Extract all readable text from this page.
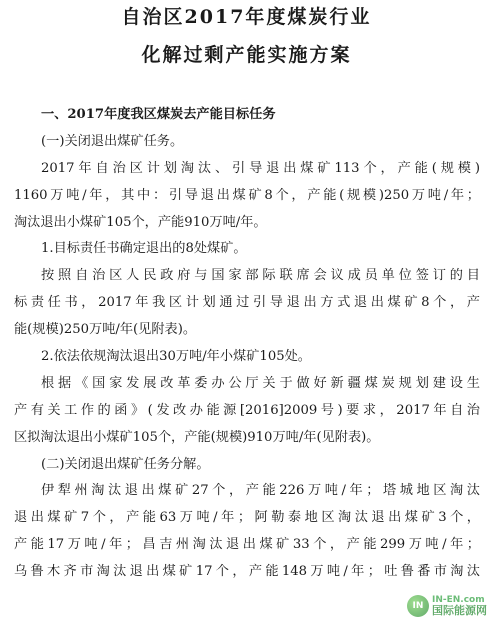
自治区2017年度煤炭行业
化解过剩产能实施方案
一、2017年度我区煤炭去产能目标任务
(一)关闭退出煤矿任务。
2017年自治区计划淘汰、引导退出煤矿113个，产能(规模)
1160万吨/年，其中：引导退出煤矿8个，产能(规模)250万吨/年；
淘汰退出小煤矿105个，产能910万吨/年。
1.目标责任书确定退出的8处煤矿。
按照自治区人民政府与国家部际联席会议成员单位签订的目
标责任书，2017年我区计划通过引导退出方式退出煤矿8个，产
能(规模)250万吨/年(见附表)。
2.依法依规淘汰退出30万吨/年小煤矿105处。
根据《国家发展改革委办公厅关于做好新疆煤炭规划建设生
产有关工作的函》(发改办能源[2016]2009号)要求，2017年自治
区拟淘汰退出小煤矿105个，产能(规模)910万吨/年(见附表)。
(二)关闭退出煤矿任务分解。
伊犁州淘汰退出煤矿27个，产能226万吨/年；塔城地区淘汰
退出煤矿7个，产能63万吨/年；阿勒泰地区淘汰退出煤矿3个，
产能17万吨/年；昌吉州淘汰退出煤矿33个，产能299万吨/年；
乌鲁木齐市淘汰退出煤矿17个，产能148万吨/年；吐鲁番市淘汰
IN
IN-EN.com
国际能源网
